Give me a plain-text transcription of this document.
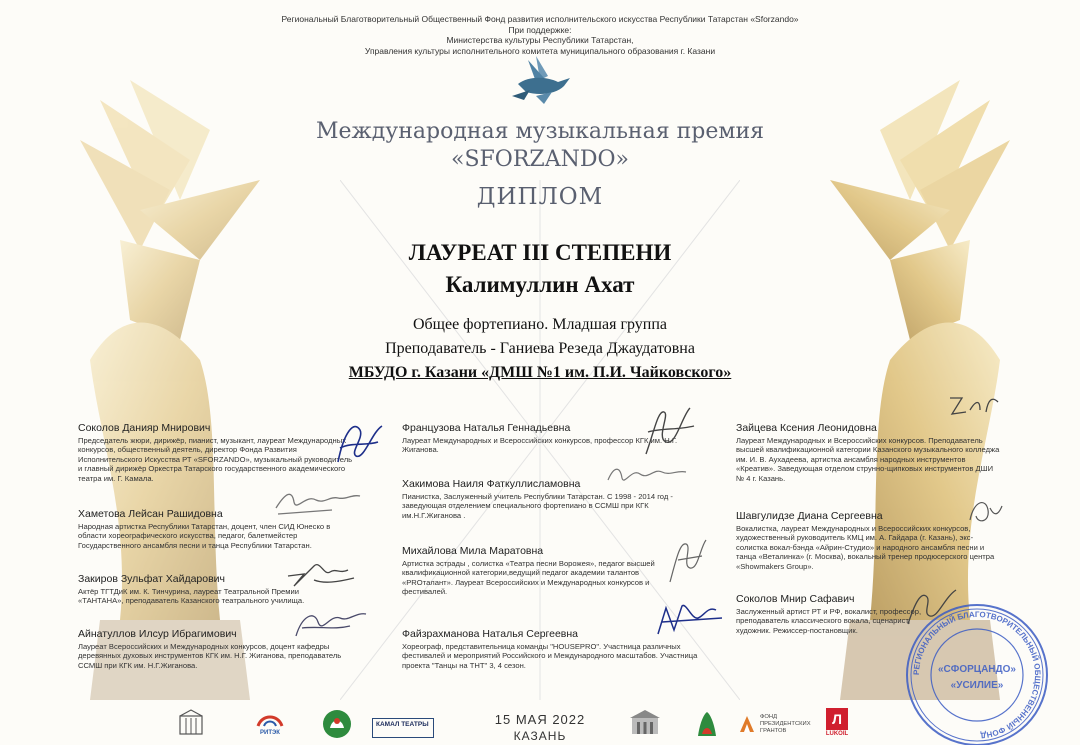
Региональный Благотворительный Общественный Фонд развития исполнительского искусства Республики Татарстан «Sforzando»
При поддержке:
Министерства культуры Республики Татарстан,
Управления культуры исполнительного комитета муниципального образования г. Казани
Международная музыкальная премия
«SFORZANDO»
ДИПЛОМ
ЛАУРЕАТ III СТЕПЕНИ
Калимуллин Ахат
Общее фортепиано. Младшая группа
Преподаватель - Ганиева Резеда Джаудатовна
МБУДО г. Казани «ДМШ №1 им. П.И. Чайковского»
Соколов Данияр Мнирович
Председатель жюри, дирижёр, пианист, музыкант, лауреат Международных конкурсов, общественный деятель, директор Фонда Развития Исполнительского Искусства РТ «SFORZANDO», музыкальный руководитель и главный дирижёр Оркестра Татарского государственного академического театра им. Г. Камала.
Хаметова Лейсан Рашидовна
Народная артистка Республики Татарстан, доцент, член СИД Юнеско в области хореографического искусства, педагог, балетмейстер Государственного ансамбля песни и танца Республики Татарстан.
Закиров Зульфат Хайдарович
Актёр ТГТДиК им. К. Тинчурина, лауреат Театральной Премии «ТАНТАНА», преподаватель Казанского театрального училища.
Айнатуллов Илсур Ибрагимович
Лауреат Всероссийских и Международных конкурсов, доцент кафедры деревянных духовых инструментов КГК им. Н.Г. Жиганова, преподаватель ССМШ при КГК им. Н.Г.Жиганова.
Французова Наталья Геннадьевна
Лауреат Международных и Всероссийских конкурсов, профессор КГК им. Н.Г. Жиганова.
Хакимова Наиля Фаткуллисламовна
Пианистка, Заслуженный учитель Республики Татарстан. С 1998 - 2014 год - заведующая отделением специального фортепиано в ССМШ при КГК им.Н.Г.Жиганова .
Михайлова Мила Маратовна
Артистка эстрады , солистка «Театра песни Ворожея», педагог высшей квалификационной категории,ведущий педагог академии талантов «PROталант». Лауреат Всероссийских и Международных конкурсов и фестивалей.
Файзрахманова Наталья Сергеевна
Хореограф, представительница команды "HOUSEPRO". Участница различных фестивалей и мероприятий Российского и Международного масштабов. Участница проекта "Танцы на ТНТ" 3, 4 сезон.
Зайцева Ксения Леонидовна
Лауреат Международных и Всероссийских конкурсов. Преподаватель высшей квалификационной категории Казанского музыкального колледжа им. И. В. Аухадеева, артистка ансамбля народных инструментов «Креатив». Заведующая отделом струнно-щипковых инструментов ДШИ № 4 г. Казань.
Шавгулидзе Диана Сергеевна
Вокалистка, лауреат Международных и Всероссийских конкурсов, художественный руководитель КМЦ им. А. Гайдара (г. Казань), экс-солистка вокал-бэнда «Айрин-Студио» и народного ансамбля песни и танца «Веталинка» (г. Москва), вокальный тренер продюсерского центра «Showmakers Group».
Соколов Мнир Сафавич
Заслуженный артист РТ и РФ, вокалист, профессор, преподаватель классического вокала, сценарист, художник. Режиссер-постановщик.
РЕГИОНАЛЬНЫЙ БЛАГОТВОРИТЕЛЬНЫЙ ОБЩЕСТВЕННЫЙ ФОНД
«СФОРЦАНДО»
«УСИЛИЕ»
15 МАЯ 2022
КАЗАНЬ
РИТЭК
КАМАЛ ТЕАТРЫ
ФОНД ПРЕЗИДЕНТСКИХ ГРАНТОВ
Л
LUKOIL
